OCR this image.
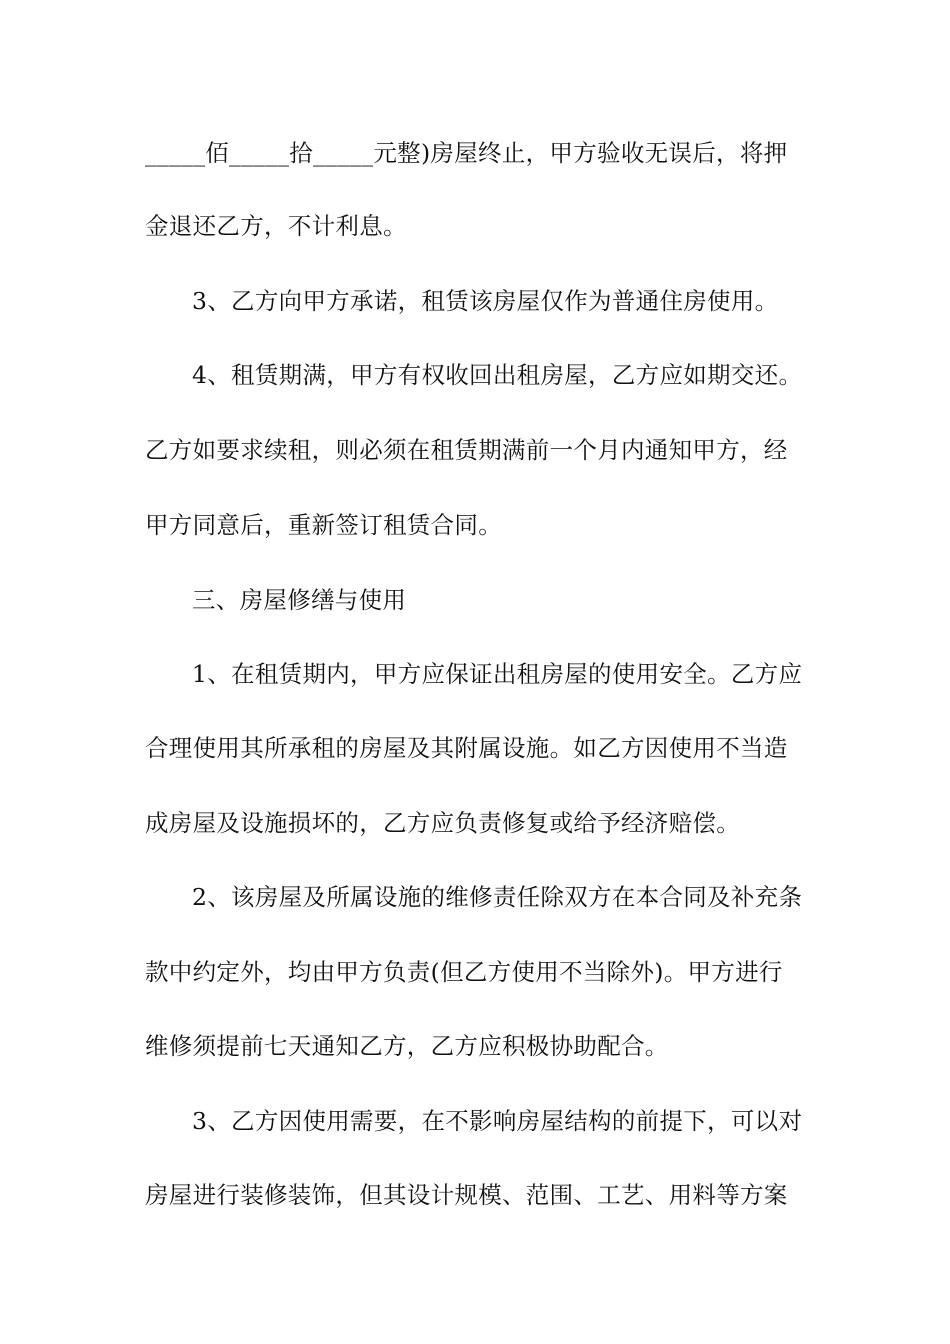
_____佰_____拾_____元整)房屋终止，甲方验收无误后，将押
金退还乙方，不计利息。
3、乙方向甲方承诺，租赁该房屋仅作为普通住房使用。
4、租赁期满，甲方有权收回出租房屋，乙方应如期交还。
乙方如要求续租，则必须在租赁期满前一个月内通知甲方，经
甲方同意后，重新签订租赁合同。
三、房屋修缮与使用
1、在租赁期内，甲方应保证出租房屋的使用安全。乙方应
合理使用其所承租的房屋及其附属设施。如乙方因使用不当造
成房屋及设施损坏的，乙方应负责修复或给予经济赔偿。
2、该房屋及所属设施的维修责任除双方在本合同及补充条
款中约定外，均由甲方负责(但乙方使用不当除外)。甲方进行
维修须提前七天通知乙方，乙方应积极协助配合。
3、乙方因使用需要，在不影响房屋结构的前提下，可以对
房屋进行装修装饰，但其设计规模、范围、工艺、用料等方案
